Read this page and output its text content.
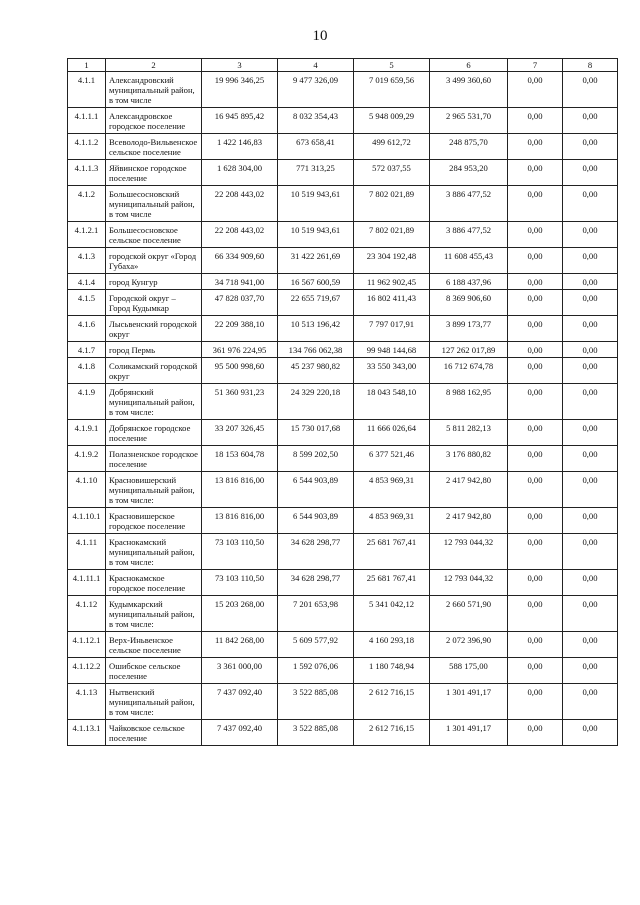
10
1	2	3	4	5	6	7	8
4.1.1	Александровский муниципальный район, в том числе	19 996 346,25	9 477 326,09	7 019 659,56	3 499 360,60	0,00	0,00
4.1.1.1	Александровское городское поселение	16 945 895,42	8 032 354,43	5 948 009,29	2 965 531,70	0,00	0,00
4.1.1.2	Всеволодо-Вильвенское сельское поселение	1 422 146,83	673 658,41	499 612,72	248 875,70	0,00	0,00
4.1.1.3	Яйвинское городское поселение	1 628 304,00	771 313,25	572 037,55	284 953,20	0,00	0,00
4.1.2	Большесосновский муниципальный район, в том числе	22 208 443,02	10 519 943,61	7 802 021,89	3 886 477,52	0,00	0,00
4.1.2.1	Большесосновское сельское поселение	22 208 443,02	10 519 943,61	7 802 021,89	3 886 477,52	0,00	0,00
4.1.3	городской округ «Город Губаха»	66 334 909,60	31 422 261,69	23 304 192,48	11 608 455,43	0,00	0,00
4.1.4	город Кунгур	34 718 941,00	16 567 600,59	11 962 902,45	6 188 437,96	0,00	0,00
4.1.5	Городской округ – Город Кудымкар	47 828 037,70	22 655 719,67	16 802 411,43	8 369 906,60	0,00	0,00
4.1.6	Лысьвенский городской округ	22 209 388,10	10 513 196,42	7 797 017,91	3 899 173,77	0,00	0,00
4.1.7	город Пермь	361 976 224,95	134 766 062,38	99 948 144,68	127 262 017,89	0,00	0,00
4.1.8	Соликамский городской округ	95 500 998,60	45 237 980,82	33 550 343,00	16 712 674,78	0,00	0,00
4.1.9	Добрянский муниципальный район, в том числе:	51 360 931,23	24 329 220,18	18 043 548,10	8 988 162,95	0,00	0,00
4.1.9.1	Добрянское городское поселение	33 207 326,45	15 730 017,68	11 666 026,64	5 811 282,13	0,00	0,00
4.1.9.2	Полазненское городское поселение	18 153 604,78	8 599 202,50	6 377 521,46	3 176 880,82	0,00	0,00
4.1.10	Красновишерский муниципальный район, в том числе:	13 816 816,00	6 544 903,89	4 853 969,31	2 417 942,80	0,00	0,00
4.1.10.1	Красновишерское городское поселение	13 816 816,00	6 544 903,89	4 853 969,31	2 417 942,80	0,00	0,00
4.1.11	Краснокамский муниципальный район, в том числе:	73 103 110,50	34 628 298,77	25 681 767,41	12 793 044,32	0,00	0,00
4.1.11.1	Краснокамское городское поселение	73 103 110,50	34 628 298,77	25 681 767,41	12 793 044,32	0,00	0,00
4.1.12	Кудымкарский муниципальный район, в том числе:	15 203 268,00	7 201 653,98	5 341 042,12	2 660 571,90	0,00	0,00
4.1.12.1	Верх-Иньвенское сельское поселение	11 842 268,00	5 609 577,92	4 160 293,18	2 072 396,90	0,00	0,00
4.1.12.2	Ошибское сельское поселение	3 361 000,00	1 592 076,06	1 180 748,94	588 175,00	0,00	0,00
4.1.13	Нытвенский муниципальный район, в том числе:	7 437 092,40	3 522 885,08	2 612 716,15	1 301 491,17	0,00	0,00
4.1.13.1	Чайковское сельское поселение	7 437 092,40	3 522 885,08	2 612 716,15	1 301 491,17	0,00	0,00
